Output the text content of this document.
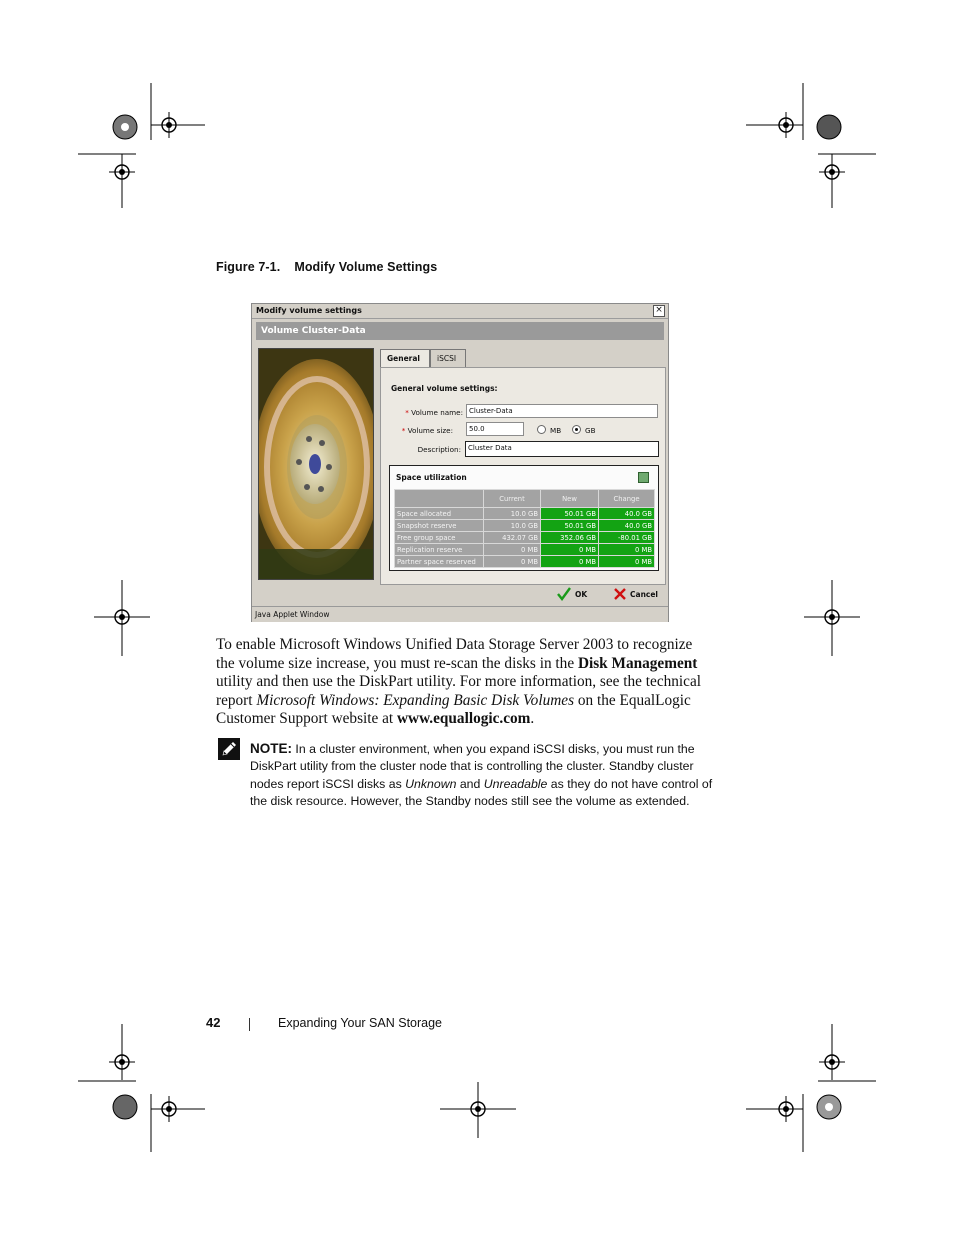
Figure 7-1. Modify Volume Settings
Modify volume settings	×
Volume Cluster-Data
General iSCSI
General volume settings:
* Volume name: Cluster-Data
* Volume size:	50.0	MB	GB
Description:	Cluster Data
Space utilization
	Current	New	Change
Space allocated	10.0 GB	50.01 GB	40.0 GB
Snapshot reserve	10.0 GB	50.01 GB	40.0 GB
Free group space	432.07 GB	352.06 GB	-80.01 GB
Replication reserve	0 MB	0 MB	0 MB
Partner space reserved	0 MB	0 MB	0 MB
OK	Cancel
Java Applet Window
To enable Microsoft Windows Unified Data Storage Server 2003 to recognize the volume size increase, you must re-scan the disks in the Disk Management utility and then use the DiskPart utility. For more information, see the technical report Microsoft Windows: Expanding Basic Disk Volumes on the EqualLogic Customer Support website at www.equallogic.com.
NOTE: In a cluster environment, when you expand iSCSI disks, you must run the DiskPart utility from the cluster node that is controlling the cluster. Standby cluster nodes report iSCSI disks as Unknown and Unreadable as they do not have control of the disk resource. However, the Standby nodes still see the volume as extended.
42	Expanding Your SAN Storage
